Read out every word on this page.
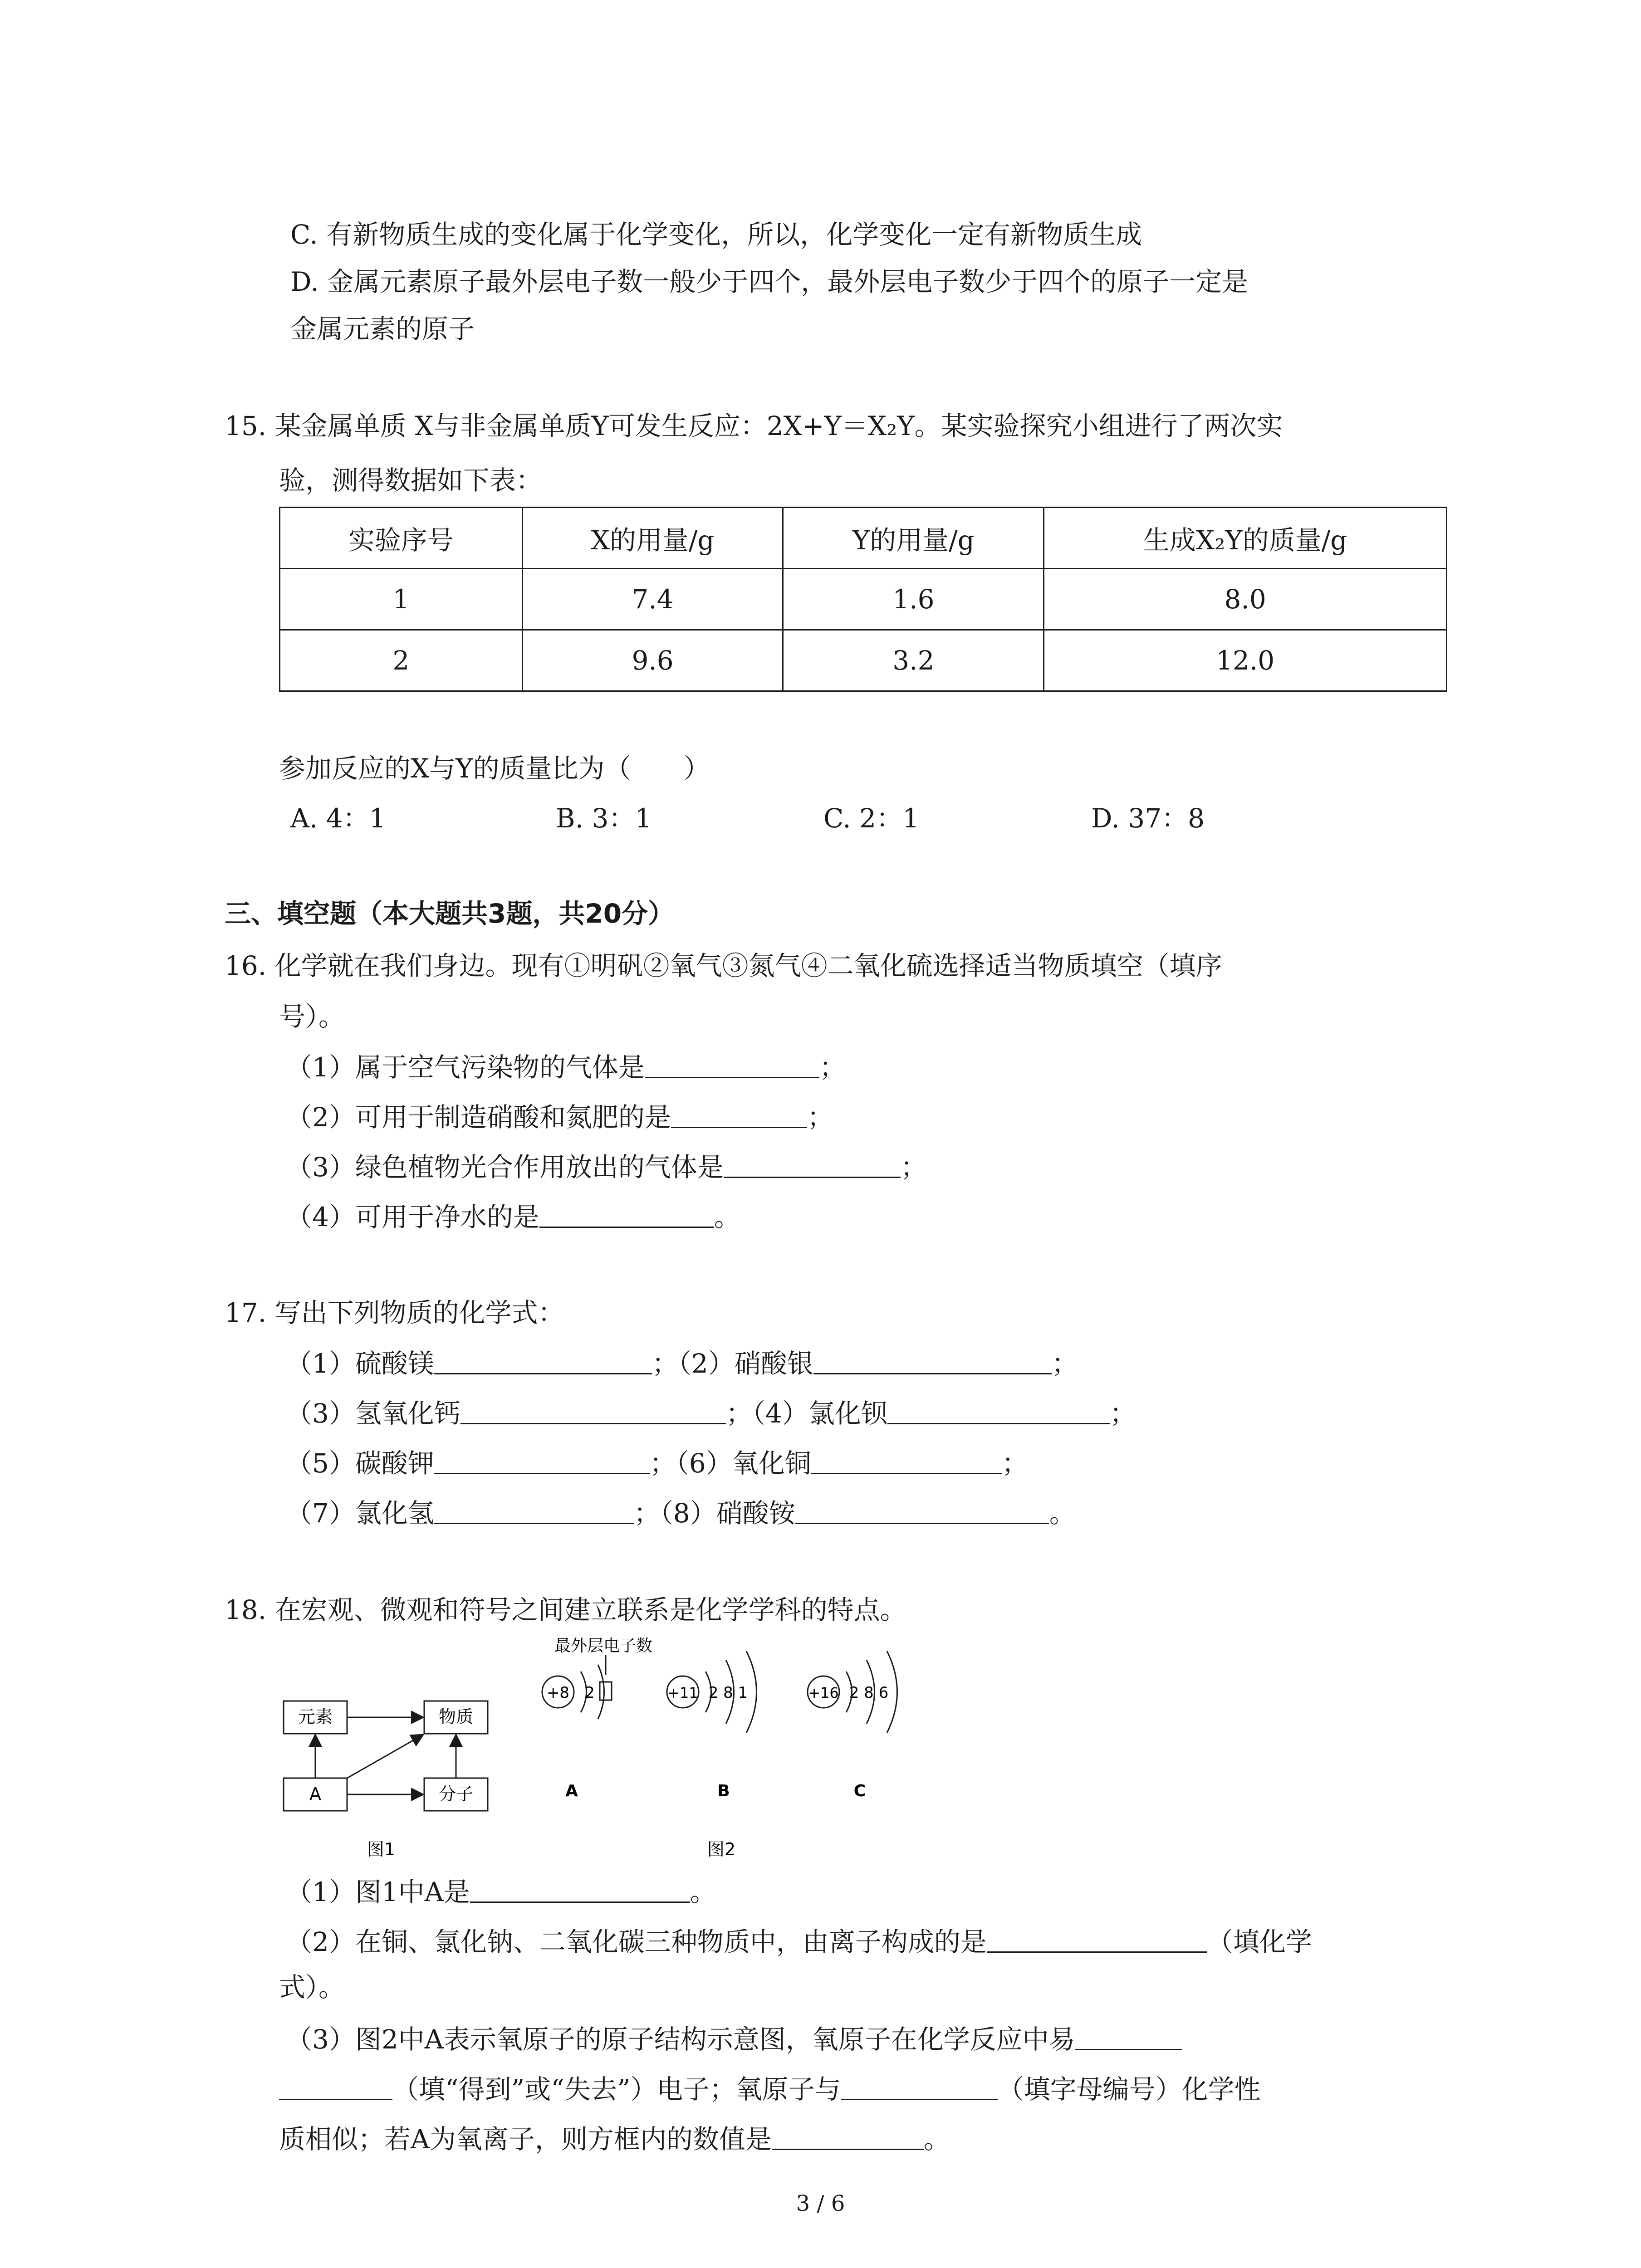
C. 有新物质生成的变化属于化学变化，所以，化学变化一定有新物质生成
D. 金属元素原子最外层电子数一般少于四个，最外层电子数少于四个的原子一定是
金属元素的原子
15. 某金属单质 X与非金属单质Y可发生反应：2X+Y＝X₂Y。某实验探究小组进行了两次实
验，测得数据如下表：
实验序号	X的用量/g	Y的用量/g	生成X₂Y的质量/g
1	7.4	1.6	8.0
2	9.6	3.2	12.0
参加反应的X与Y的质量比为（　　）
A. 4：1	B. 3：1	C. 2：1	D. 37：8
三、填空题（本大题共3题，共20分）
16. 化学就在我们身边。现有①明矾②氧气③氮气④二氧化硫选择适当物质填空（填序
号）。
（1）属于空气污染物的气体是	；
（2）可用于制造硝酸和氮肥的是	；
（3）绿色植物光合作用放出的气体是	；
（4）可用于净水的是	。
17. 写出下列物质的化学式：
（1）硫酸镁	；（2）硝酸银	；
（3）氢氧化钙	；（4）氯化钡	；
（5）碳酸钾	；（6）氧化铜	；
（7）氯化氢	；（8）硝酸铵	。
18. 在宏观、微观和符号之间建立联系是化学学科的特点。
元素	物质
A	分子
图1
最外层电子数
+8 2
A
+11 2 8 1
B
+16 2 8 6
C
图2
（1）图1中A是	。
（2）在铜、氯化钠、二氧化碳三种物质中，由离子构成的是	（填化学
式）。
（3）图2中A表示氧原子的原子结构示意图，氧原子在化学反应中易
（填“得到”或“失去”）电子；氧原子与	（填字母编号）化学性
质相似；若A为氧离子，则方框内的数值是	。
3 / 6
